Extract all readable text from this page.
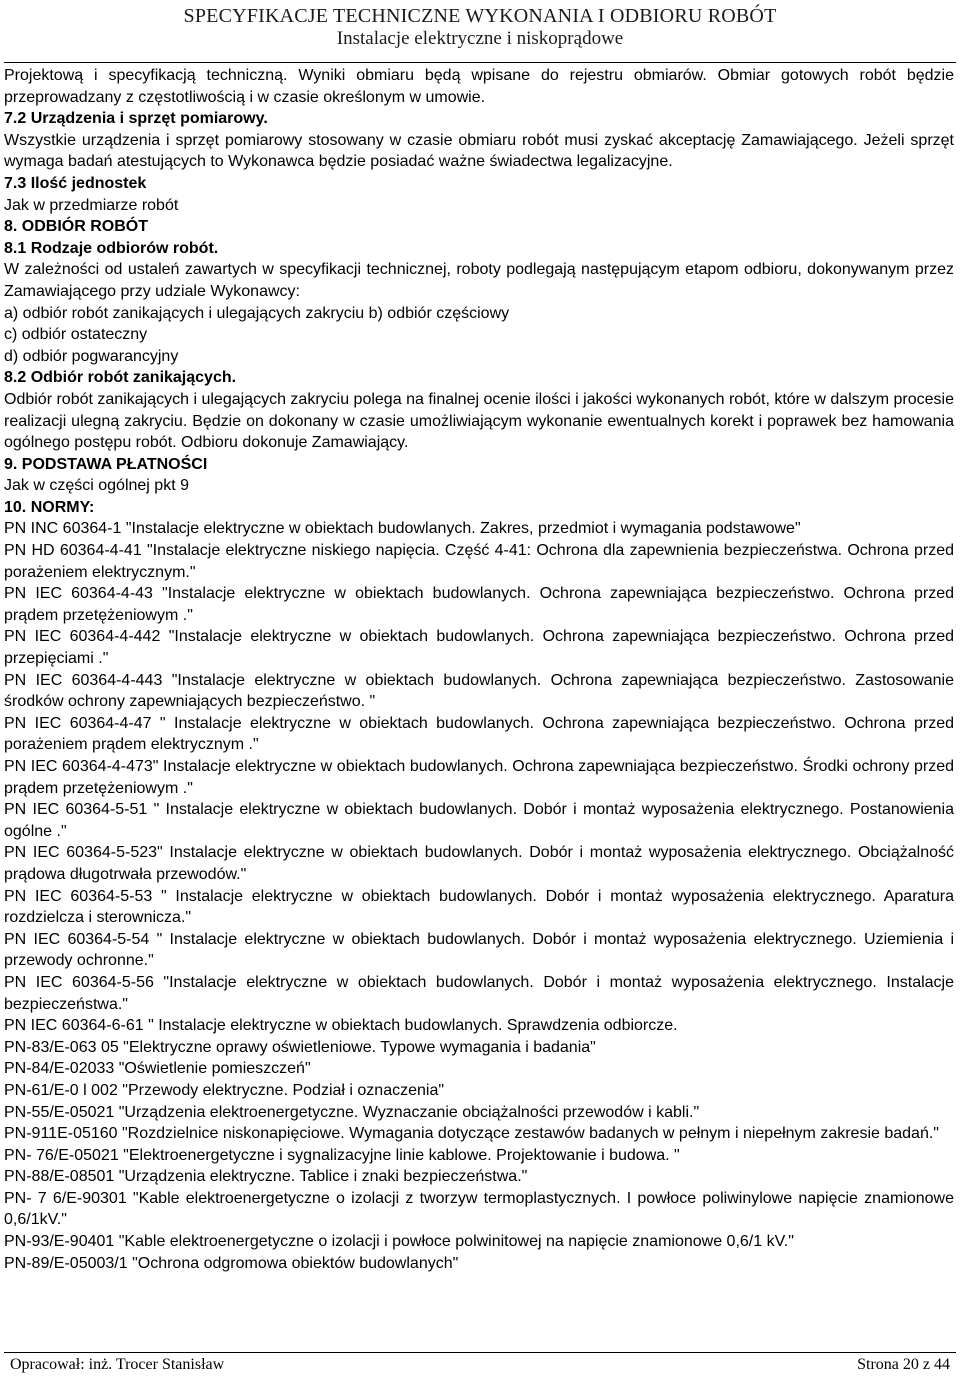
SPECYFIKACJE TECHNICZNE WYKONANIA I ODBIORU ROBÓT
Instalacje elektryczne i niskoprądowe

Projektową i specyfikacją techniczną. Wyniki obmiaru będą wpisane do rejestru obmiarów. Obmiar gotowych robót będzie przeprowadzany z częstotliwością i w czasie określonym w umowie.

7.2 Urządzenia i sprzęt pomiarowy.

Wszystkie urządzenia i sprzęt pomiarowy stosowany w czasie obmiaru robót musi zyskać akceptację Zamawiającego. Jeżeli sprzęt wymaga badań atestujących to Wykonawca będzie posiadać ważne świadectwa legalizacyjne.

7.3 Ilość jednostek

Jak w przedmiarze robót

8. ODBIÓR ROBÓT

8.1 Rodzaje odbiorów robót.

W zależności od ustaleń zawartych w specyfikacji technicznej, roboty podlegają następującym etapom odbioru, dokonywanym przez Zamawiającego przy udziale Wykonawcy:

a) odbiór robót zanikających i ulegających zakryciu b) odbiór częściowy

c) odbiór ostateczny

d) odbiór pogwarancyjny

8.2 Odbiór robót zanikających.

Odbiór robót zanikających i ulegających zakryciu polega na finalnej ocenie ilości i jakości wykonanych robót, które w dalszym procesie realizacji ulegną zakryciu. Będzie on dokonany w czasie umożliwiającym wykonanie ewentualnych korekt i poprawek bez hamowania ogólnego postępu robót. Odbioru dokonuje Zamawiający.

9. PODSTAWA PŁATNOŚCI

Jak w części ogólnej pkt 9

10. NORMY:

PN INC 60364-1 "Instalacje elektryczne w obiektach budowlanych. Zakres, przedmiot i wymagania podstawowe"

PN HD 60364-4-41 "Instalacje elektryczne niskiego napięcia. Część 4-41: Ochrona dla zapewnienia bezpieczeństwa. Ochrona przed porażeniem elektrycznym."

PN IEC 60364-4-43 "Instalacje elektryczne w obiektach budowlanych. Ochrona zapewniająca bezpieczeństwo. Ochrona przed prądem przetężeniowym ."

PN IEC 60364-4-442 "Instalacje elektryczne w obiektach budowlanych. Ochrona zapewniająca bezpieczeństwo. Ochrona przed przepięciami ."

PN IEC 60364-4-443 "Instalacje elektryczne w obiektach budowlanych. Ochrona zapewniająca bezpieczeństwo. Zastosowanie środków ochrony zapewniających bezpieczeństwo. "

PN IEC 60364-4-47 " Instalacje elektryczne w obiektach budowlanych. Ochrona zapewniająca bezpieczeństwo. Ochrona przed porażeniem prądem elektrycznym ."

PN IEC 60364-4-473" Instalacje elektryczne w obiektach budowlanych. Ochrona zapewniająca bezpieczeństwo. Środki ochrony przed prądem przetężeniowym ."

PN IEC 60364-5-51 " Instalacje elektryczne w obiektach budowlanych. Dobór i montaż wyposażenia elektrycznego. Postanowienia ogólne ."

PN IEC 60364-5-523" Instalacje elektryczne w obiektach budowlanych. Dobór i montaż wyposażenia elektrycznego. Obciążalność prądowa długotrwała przewodów."

PN IEC 60364-5-53 " Instalacje elektryczne w obiektach budowlanych. Dobór i montaż wyposażenia elektrycznego. Aparatura rozdzielcza i sterownicza."

PN IEC 60364-5-54 " Instalacje elektryczne w obiektach budowlanych. Dobór i montaż wyposażenia elektrycznego. Uziemienia i przewody ochronne."

PN IEC 60364-5-56 "Instalacje elektryczne w obiektach budowlanych. Dobór i montaż wyposażenia elektrycznego. Instalacje bezpieczeństwa."

PN IEC 60364-6-61 " Instalacje elektryczne w obiektach budowlanych. Sprawdzenia odbiorcze.

PN-83/E-063 05 "Elektryczne oprawy oświetleniowe. Typowe wymagania i badania"

PN-84/E-02033 "Oświetlenie pomieszczeń"

PN-61/E-0 l 002 "Przewody elektryczne. Podział i oznaczenia"

PN-55/E-05021 "Urządzenia elektroenergetyczne. Wyznaczanie obciążalności przewodów i kabli."

PN-911E-05160 "Rozdzielnice niskonapięciowe. Wymagania dotyczące zestawów badanych w pełnym i niepełnym zakresie badań."

PN- 76/E-05021 "Elektroenergetyczne i sygnalizacyjne linie kablowe. Projektowanie i budowa. "

PN-88/E-08501 "Urządzenia elektryczne. Tablice i znaki bezpieczeństwa."

PN- 7 6/E-90301 "Kable elektroenergetyczne o izolacji z tworzyw termoplastycznych. I powłoce poliwinylowe napięcie znamionowe 0,6/1kV."

PN-93/E-90401 "Kable elektroenergetyczne o izolacji i powłoce polwinitowej na napięcie znamionowe 0,6/1 kV."

PN-89/E-05003/1 "Ochrona odgromowa obiektów budowlanych"

Opracował: inż. Trocer Stanisław	Strona 20 z 44
